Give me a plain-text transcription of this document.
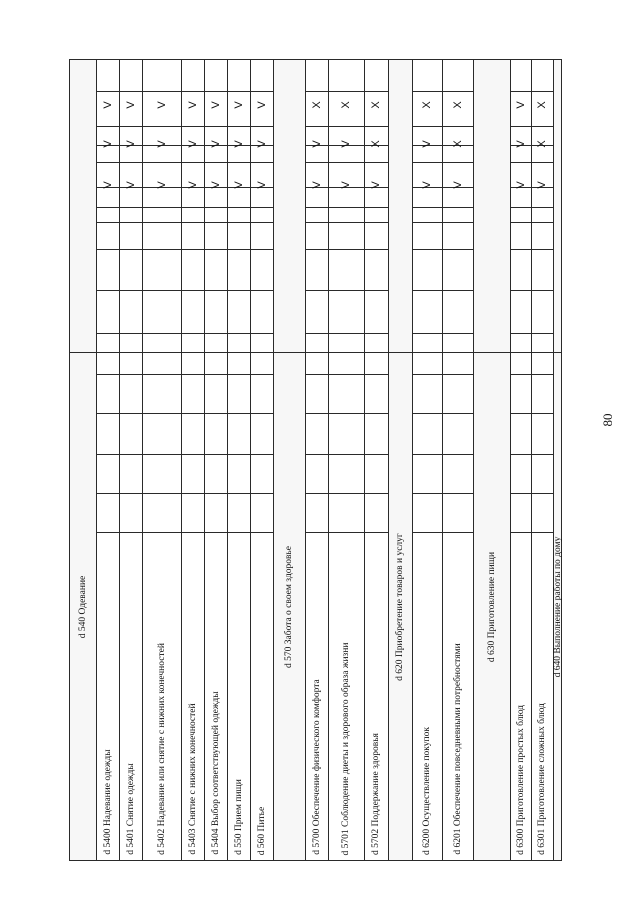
80
d 540 Одевание
d 5400 Надевание одежды
V
V
V
d 5401 Снятие одежды
V
V
V
d 5402 Надевание или снятие с нижних конечностей
V
V
V
d 5403 Снятие с нижних конечностей
V
V
V
d 5404 Выбор соответствующей одежды
V
V
V
d 550 Прием пищи
V
V
V
d 560 Питье
V
V
V
d 570 Забота о своем здоровье
d 5700 Обеспечение физического комфорта
X
V
V
d 5701 Соблюдение диеты и здорового образа жизни
X
V
V
d 5702 Поддержание здоровья
X
X
V
d 620 Приобретение товаров и услуг
d 6200 Осуществление покупок
X
V
V
d 6201 Обеспечение повседневными потребностями
X
X
V
d 630 Приготовление пищи
d 6300 Приготовление простых блюд
V
V
V
d 6301 Приготовление сложных блюд
X
X
V
d 640 Выполнение работы по дому
